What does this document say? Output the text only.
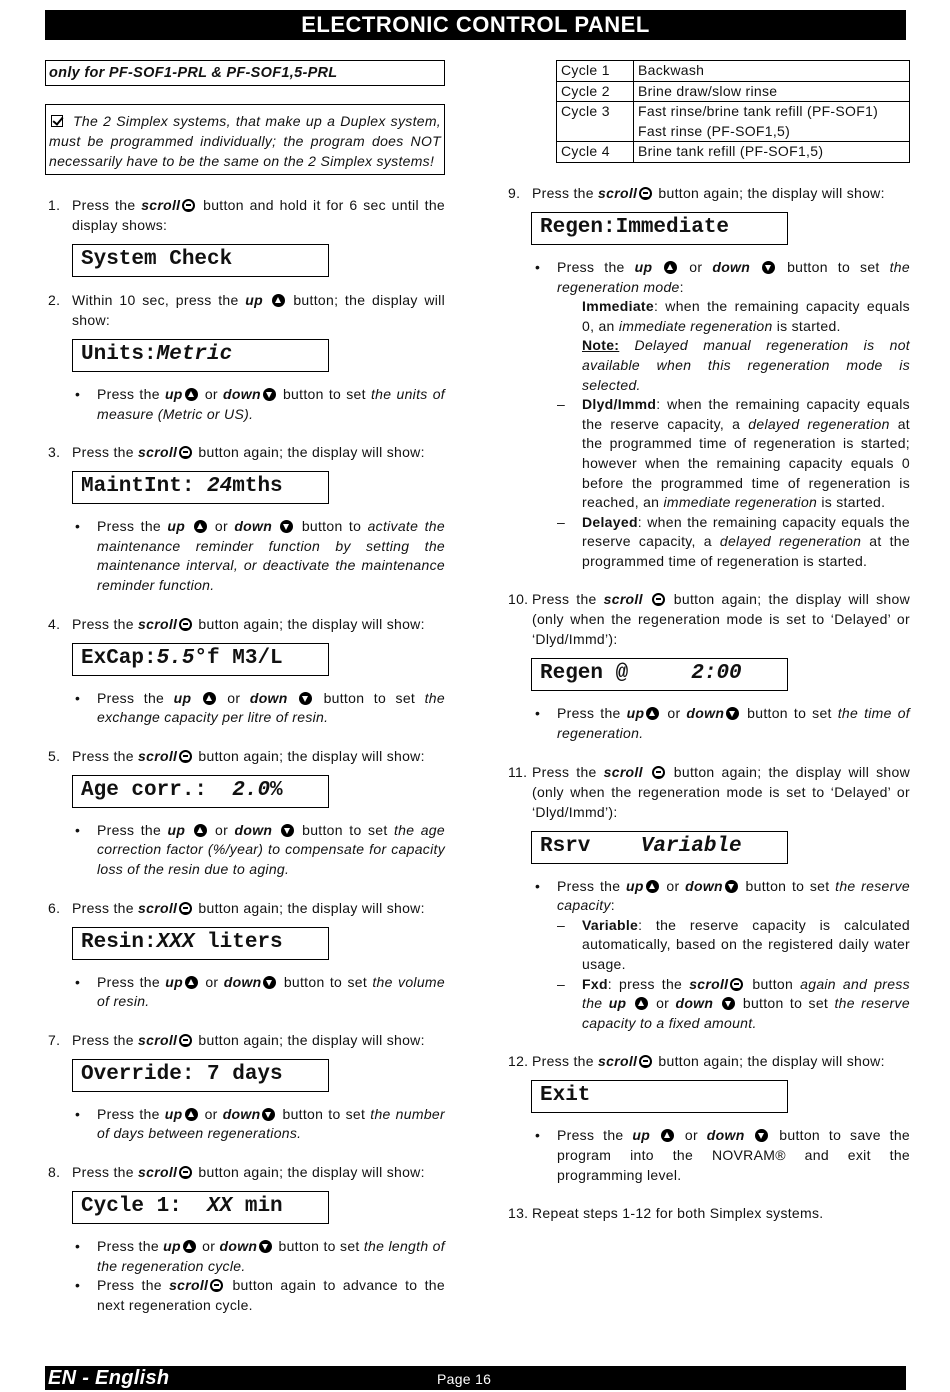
ELECTRONIC CONTROL PANEL
only for PF-SOF1-PRL & PF-SOF1,5-PRL
The 2 Simplex systems, that make up a Duplex system, must be programmed individually; the program does NOT necessarily have to be the same on the 2 Simplex systems!
1. Press the scroll button and hold it for 6 sec until the display shows:
System Check
2. Within 10 sec, press the up button; the display will show:
Units:Metric
• Press the up or down button to set the units of measure (Metric or US).
3. Press the scroll button again; the display will show:
MaintInt: 24mths
• Press the up or down button to activate the maintenance reminder function by setting the maintenance interval, or deactivate the maintenance reminder function.
4. Press the scroll button again; the display will show:
ExCap:5.5°f M3/L
• Press the up	or down	button to set the exchange capacity per litre of resin.
5. Press the scroll button again; the display will show:
Age corr.:  2.0%
• Press the up or down button to set the age correction factor (%/year) to compensate for capacity loss of the resin due to aging.
6. Press the scroll button again; the display will show:
Resin:XXX liters
• Press the up or down button to set the volume of resin.
7. Press the scroll button again; the display will show:
Override: 7 days
• Press the up or down button to set the number of days between regenerations.
8. Press the scroll button again; the display will show:
Cycle 1:  XX min
• Press the up or down button to set the length of the regeneration cycle.
• Press the scroll button again to advance to the next regeneration cycle.
Cycle 1	Backwash
Cycle 2	Brine draw/slow rinse
Cycle 3	Fast rinse/brine tank refill (PF-SOF1)
Fast rinse (PF-SOF1,5)

Cycle 4	Brine tank refill (PF-SOF1,5)
9. Press the scroll button again; the display will show:
Regen:Immediate
• Press the up	or down	button to set the regeneration mode:
Immediate: when the remaining capacity equals 0, an immediate regeneration is started.
Note: Delayed manual regeneration is not available when this regeneration mode is selected.
– Dlyd/Immd: when the remaining capacity equals the reserve capacity, a delayed regeneration at the programmed time of regeneration is started; however when the remaining capacity equals 0 before the programmed time of regeneration is reached, an immediate regeneration is started.
– Delayed: when the remaining capacity equals the reserve capacity, a delayed regeneration at the programmed time of regeneration is started.
10. Press the scroll button again; the display will show (only when the regeneration mode is set to ‘Delayed’ or ‘Dlyd/Immd’):
Regen @     2:00
• Press the up or down button to set the time of regeneration.
11. Press the scroll button again; the display will show (only when the regeneration mode is set to ‘Delayed’ or ‘Dlyd/Immd’):
Rsrv    Variable
• Press the up or down button to set the reserve capacity:
– Variable: the reserve capacity is calculated automatically, based on the registered daily water usage.
– Fxd: press the scroll button again and press the up or down button to set the reserve capacity to a fixed amount.
12. Press the scroll button again; the display will show:
Exit
• Press the up or down button to save the program into the NOVRAM® and exit the programming level.
13. Repeat steps 1-12 for both Simplex systems.
EN - English	Page 16
